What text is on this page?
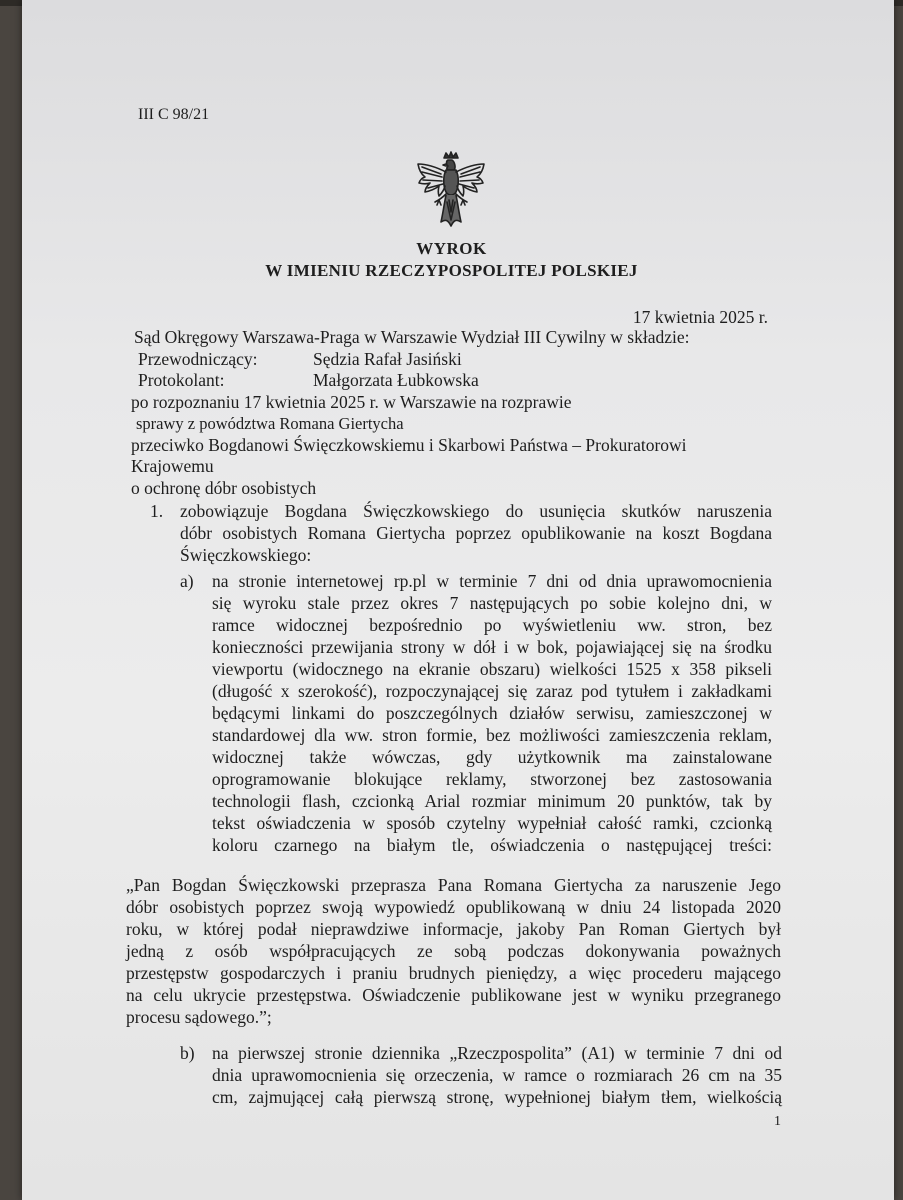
III C 98/21
WYROK
W IMIENIU RZECZYPOSPOLITEJ POLSKIEJ
17 kwietnia 2025 r.
Sąd Okręgowy Warszawa-Praga w Warszawie Wydział III Cywilny w składzie:
Przewodniczący:	Sędzia Rafał Jasiński
Protokolant:	Małgorzata Łubkowska
po rozpoznaniu 17 kwietnia 2025 r. w Warszawie na rozprawie
sprawy z powództwa Romana Giertycha
przeciwko Bogdanowi Święczkowskiemu i Skarbowi Państwa – Prokuratorowi
Krajowemu
o ochronę dóbr osobistych
1. zobowiązuje Bogdana Święczkowskiego do usunięcia skutków naruszenia
dóbr osobistych Romana Giertycha poprzez opublikowanie na koszt Bogdana
Święczkowskiego:
a) na stronie internetowej rp.pl w terminie 7 dni od dnia uprawomocnienia
się wyroku stale przez okres 7 następujących po sobie kolejno dni, w
ramce widocznej bezpośrednio po wyświetleniu ww. stron, bez
konieczności przewijania strony w dół i w bok, pojawiającej się na środku
viewportu (widocznego na ekranie obszaru) wielkości 1525 x 358 pikseli
(długość x szerokość), rozpoczynającej się zaraz pod tytułem i zakładkami
będącymi linkami do poszczególnych działów serwisu, zamieszczonej w
standardowej dla ww. stron formie, bez możliwości zamieszczenia reklam,
widocznej także wówczas, gdy użytkownik ma zainstalowane
oprogramowanie blokujące reklamy, stworzonej bez zastosowania
technologii flash, czcionką Arial rozmiar minimum 20 punktów, tak by
tekst oświadczenia w sposób czytelny wypełniał całość ramki, czcionką
koloru czarnego na białym tle, oświadczenia o następującej treści:
„Pan Bogdan Święczkowski przeprasza Pana Romana Giertycha za naruszenie Jego
dóbr osobistych poprzez swoją wypowiedź opublikowaną w dniu 24 listopada 2020
roku, w której podał nieprawdziwe informacje, jakoby Pan Roman Giertych był
jedną z osób współpracujących ze sobą podczas dokonywania poważnych
przestępstw gospodarczych i praniu brudnych pieniędzy, a więc procederu mającego
na celu ukrycie przestępstwa. Oświadczenie publikowane jest w wyniku przegranego
procesu sądowego.”;
b) na pierwszej stronie dziennika „Rzeczpospolita” (A1) w terminie 7 dni od
dnia uprawomocnienia się orzeczenia, w ramce o rozmiarach 26 cm na 35
cm, zajmującej całą pierwszą stronę, wypełnionej białym tłem, wielkością
1
